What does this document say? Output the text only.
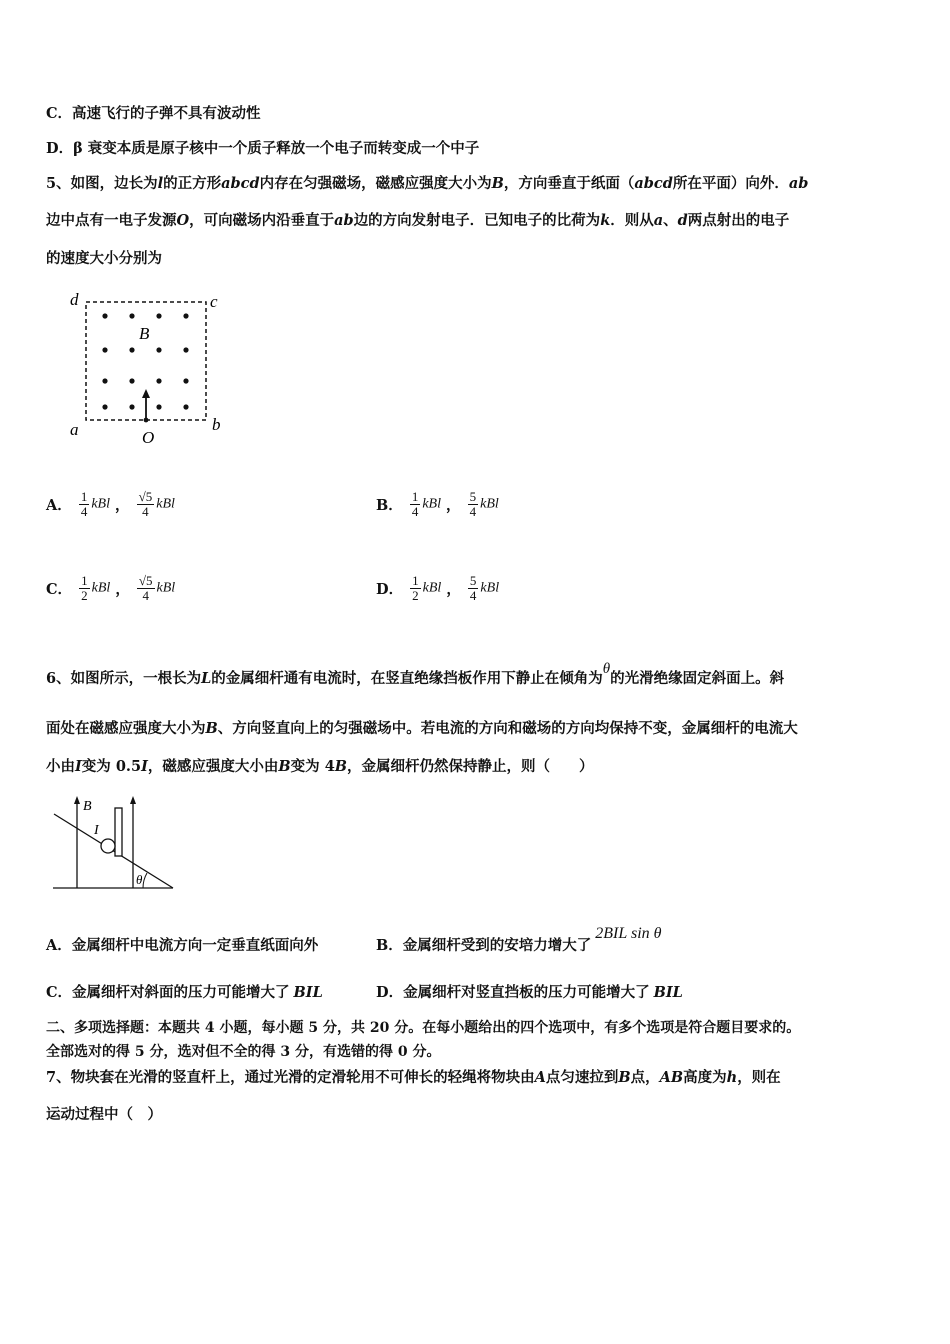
C．高速飞行的子弹不具有波动性
D．β 衰变本质是原子核中一个质子释放一个电子而转变成一个中子
5、如图，边长为l的正方形abcd内存在匀强磁场，磁感应强度大小为B，方向垂直于纸面（abcd所在平面）向外．ab
边中点有一电子发源O，可向磁场内沿垂直于ab边的方向发射电子．已知电子的比荷为k．则从a、d两点射出的电子
的速度大小分别为
d	c
a	b
B
O
A． $\frac{1}{4}$ kBl ， $\frac{√5}{4}$ kBl	B． $\frac{1}{4}$ kBl ， $\frac{5}{4}$ kBl
C． $\frac{1}{2}$ kBl ， $\frac{√5}{4}$ kBl	D． $\frac{1}{2}$ kBl ， $\frac{5}{4}$ kBl
6、如图所示，一根长为L的金属细杆通有电流时，在竖直绝缘挡板作用下静止在倾角为θ的光滑绝缘固定斜面上。斜
面处在磁感应强度大小为B、方向竖直向上的匀强磁场中。若电流的方向和磁场的方向均保持不变，金属细杆的电流大
小由I变为 0.5I，磁感应强度大小由B变为 4B，金属细杆仍然保持静止，则（　　）
B
I
θ
A．金属细杆中电流方向一定垂直纸面向外	B．金属细杆受到的安培力增大了2BIL sin θ
C．金属细杆对斜面的压力可能增大了 BIL	D．金属细杆对竖直挡板的压力可能增大了 BIL
二、多项选择题：本题共 4 小题，每小题 5 分，共 20 分。在每小题给出的四个选项中，有多个选项是符合题目要求的。
全部选对的得 5 分，选对但不全的得 3 分，有选错的得 0 分。
7、物块套在光滑的竖直杆上，通过光滑的定滑轮用不可伸长的轻绳将物块由A点匀速拉到B点，AB高度为h，则在
运动过程中（　）
